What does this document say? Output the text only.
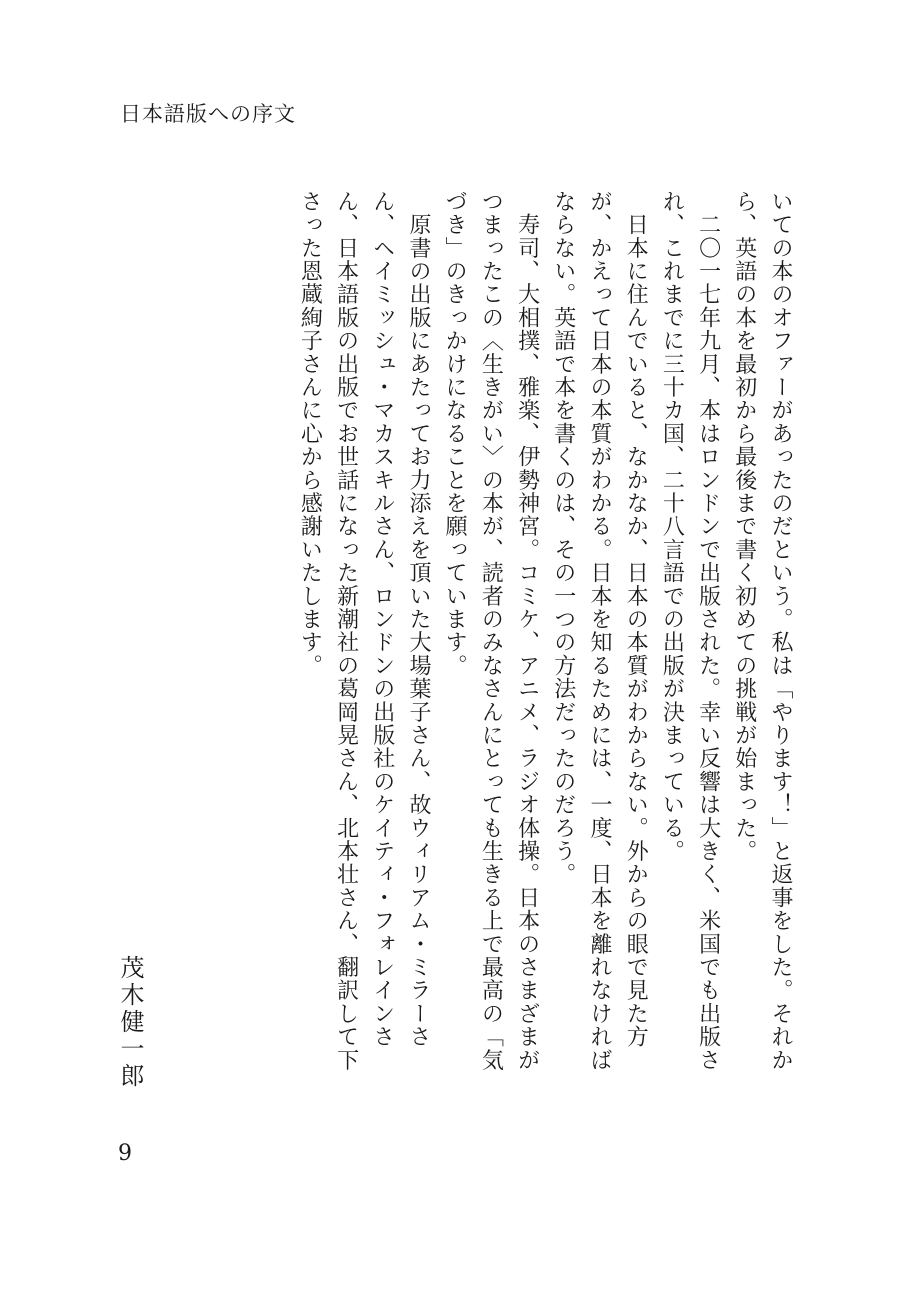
日本語版への序文

いての本のオファーがあったのだという。私は「やります！」と返事をした。それから、英語の本を最初から最後まで書く初めての挑戦が始まった。

　二〇一七年九月、本はロンドンで出版された。幸い反響は大きく、米国でも出版され、これまでに三十カ国、二十八言語での出版が決まっている。

　日本に住んでいると、なかなか、日本の本質がわからない。外からの眼で見た方が、かえって日本の本質がわかる。日本を知るためには、一度、日本を離れなければならない。英語で本を書くのは、その一つの方法だったのだろう。

　寿司、大相撲、雅楽、伊勢神宮。コミケ、アニメ、ラジオ体操。日本のさまざまがつまったこの〈生きがい〉の本が、読者のみなさんにとっても生きる上で最高の「気づき」のきっかけになることを願っています。

　原書の出版にあたってお力添えを頂いた大場葉子さん、故ウィリアム・ミラーさん、ヘイミッシュ・マカスキルさん、ロンドンの出版社のケイティ・フォレインさん、日本語版の出版でお世話になった新潮社の葛岡晃さん、北本壮さん、翻訳して下さった恩蔵絢子さんに心から感謝いたします。

茂木健一郎
9
